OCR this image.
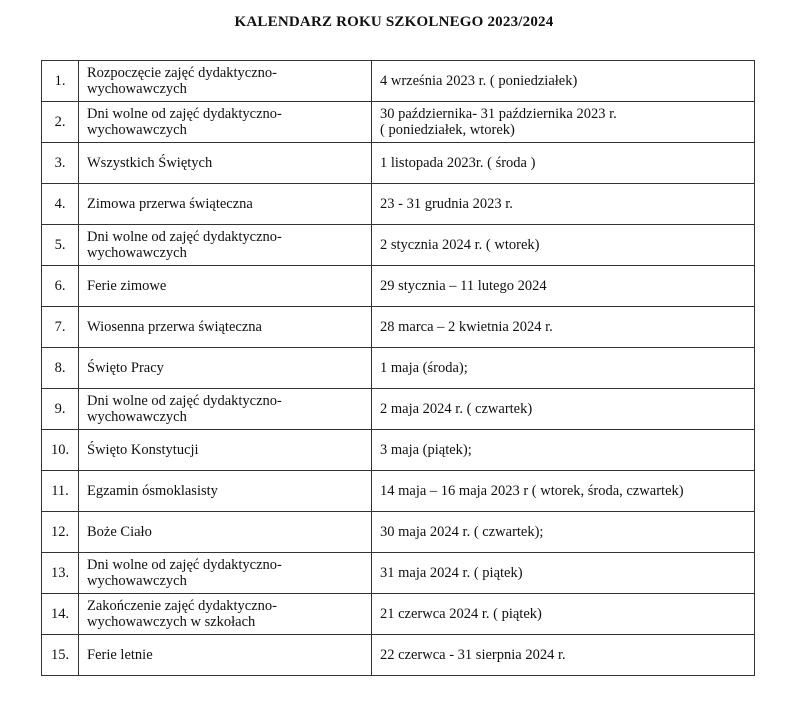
KALENDARZ ROKU SZKOLNEGO 2023/2024
1.	Rozpoczęcie zajęć dydaktyczno-
wychowawczych	4 września 2023 r. ( poniedziałek)

2.	Dni wolne od zajęć dydaktyczno-
wychowawczych	30 października- 31 października 2023 r.
( poniedziałek, wtorek)

3.	Wszystkich Świętych	1 listopada 2023r. ( środa )

4.	Zimowa przerwa świąteczna	23 - 31 grudnia 2023 r.

5.	Dni wolne od zajęć dydaktyczno-
wychowawczych	2 stycznia 2024 r. ( wtorek)

6.	Ferie zimowe	29 stycznia – 11 lutego 2024

7.	Wiosenna przerwa świąteczna	28 marca – 2 kwietnia 2024 r.

8.	Święto Pracy	1 maja (środa);

9.	Dni wolne od zajęć dydaktyczno-
wychowawczych	2 maja 2024 r. ( czwartek)

10.	Święto Konstytucji	3 maja (piątek);

11.	Egzamin ósmoklasisty	14 maja – 16 maja 2023 r ( wtorek, środa, czwartek)

12.	Boże Ciało	30 maja 2024 r. ( czwartek);

13.	Dni wolne od zajęć dydaktyczno-
wychowawczych	31 maja 2024 r. ( piątek)

14.	Zakończenie zajęć dydaktyczno-
wychowawczych w szkołach	21 czerwca 2024 r. ( piątek)

15.	Ferie letnie	22 czerwca - 31 sierpnia 2024 r.
